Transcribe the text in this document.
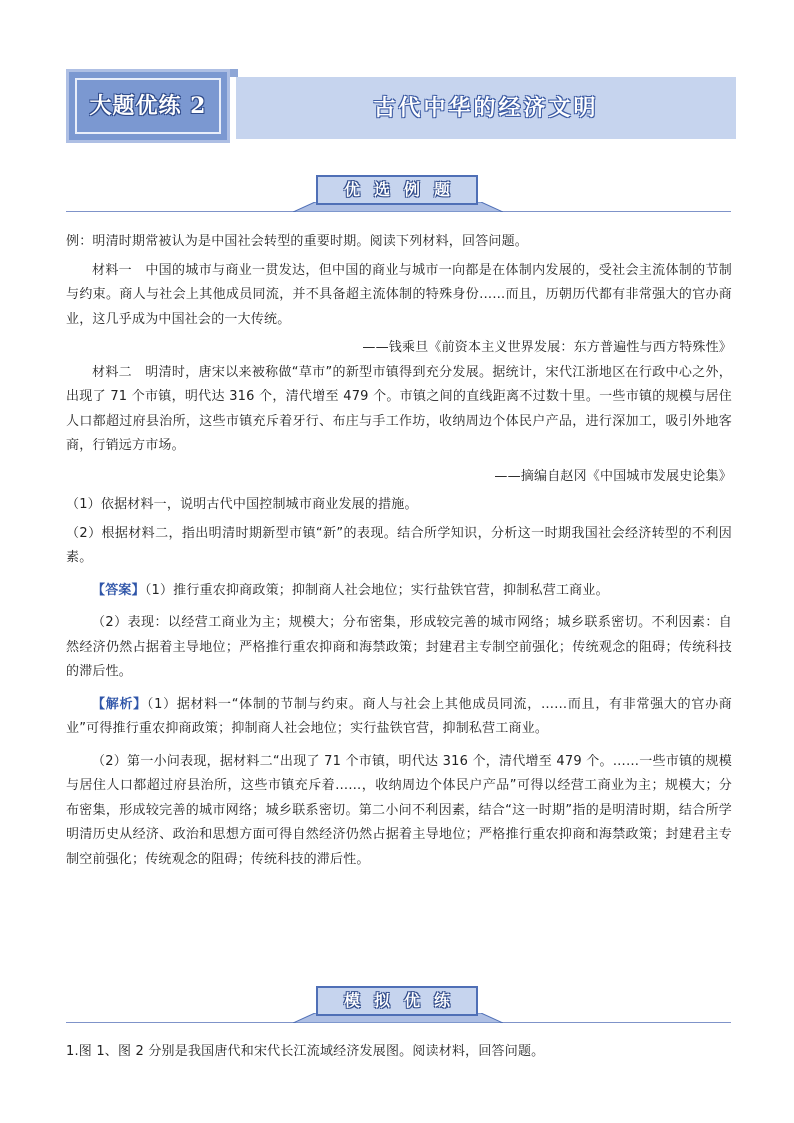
大题优练 2	古代中华的经济文明
优选例题

例：明清时期常被认为是中国社会转型的重要时期。阅读下列材料，回答问题。

材料一　中国的城市与商业一贯发达，但中国的商业与城市一向都是在体制内发展的，受社会主流体制的节制与约束。商人与社会上其他成员同流，并不具备超主流体制的特殊身份……而且，历朝历代都有非常强大的官办商业，这几乎成为中国社会的一大传统。

——钱乘旦《前资本主义世界发展：东方普遍性与西方特殊性》

材料二　明清时，唐宋以来被称做“草市”的新型市镇得到充分发展。据统计，宋代江浙地区在行政中心之外，出现了 71 个市镇，明代达 316 个，清代增至 479 个。市镇之间的直线距离不过数十里。一些市镇的规模与居住人口都超过府县治所，这些市镇充斥着牙行、布庄与手工作坊，收纳周边个体民户产品，进行深加工，吸引外地客商，行销远方市场。

——摘编自赵冈《中国城市发展史论集》

（1）依据材料一，说明古代中国控制城市商业发展的措施。

（2）根据材料二，指出明清时期新型市镇“新”的表现。结合所学知识，分析这一时期我国社会经济转型的不利因素。

【答案】（1）推行重农抑商政策；抑制商人社会地位；实行盐铁官营，抑制私营工商业。

（2）表现：以经营工商业为主；规模大；分布密集，形成较完善的城市网络；城乡联系密切。不利因素：自然经济仍然占据着主导地位；严格推行重农抑商和海禁政策；封建君主专制空前强化；传统观念的阻碍；传统科技的滞后性。

【解析】（1）据材料一“体制的节制与约束。商人与社会上其他成员同流，……而且，有非常强大的官办商业”可得推行重农抑商政策；抑制商人社会地位；实行盐铁官营，抑制私营工商业。

（2）第一小问表现，据材料二“出现了 71 个市镇，明代达 316 个，清代增至 479 个。……一些市镇的规模与居住人口都超过府县治所，这些市镇充斥着……，收纳周边个体民户产品”可得以经营工商业为主；规模大；分布密集，形成较完善的城市网络；城乡联系密切。第二小问不利因素，结合“这一时期”指的是明清时期，结合所学明清历史从经济、政治和思想方面可得自然经济仍然占据着主导地位；严格推行重农抑商和海禁政策；封建君主专制空前强化；传统观念的阻碍；传统科技的滞后性。

模拟优练

1.图 1、图 2 分别是我国唐代和宋代长江流域经济发展图。阅读材料，回答问题。
